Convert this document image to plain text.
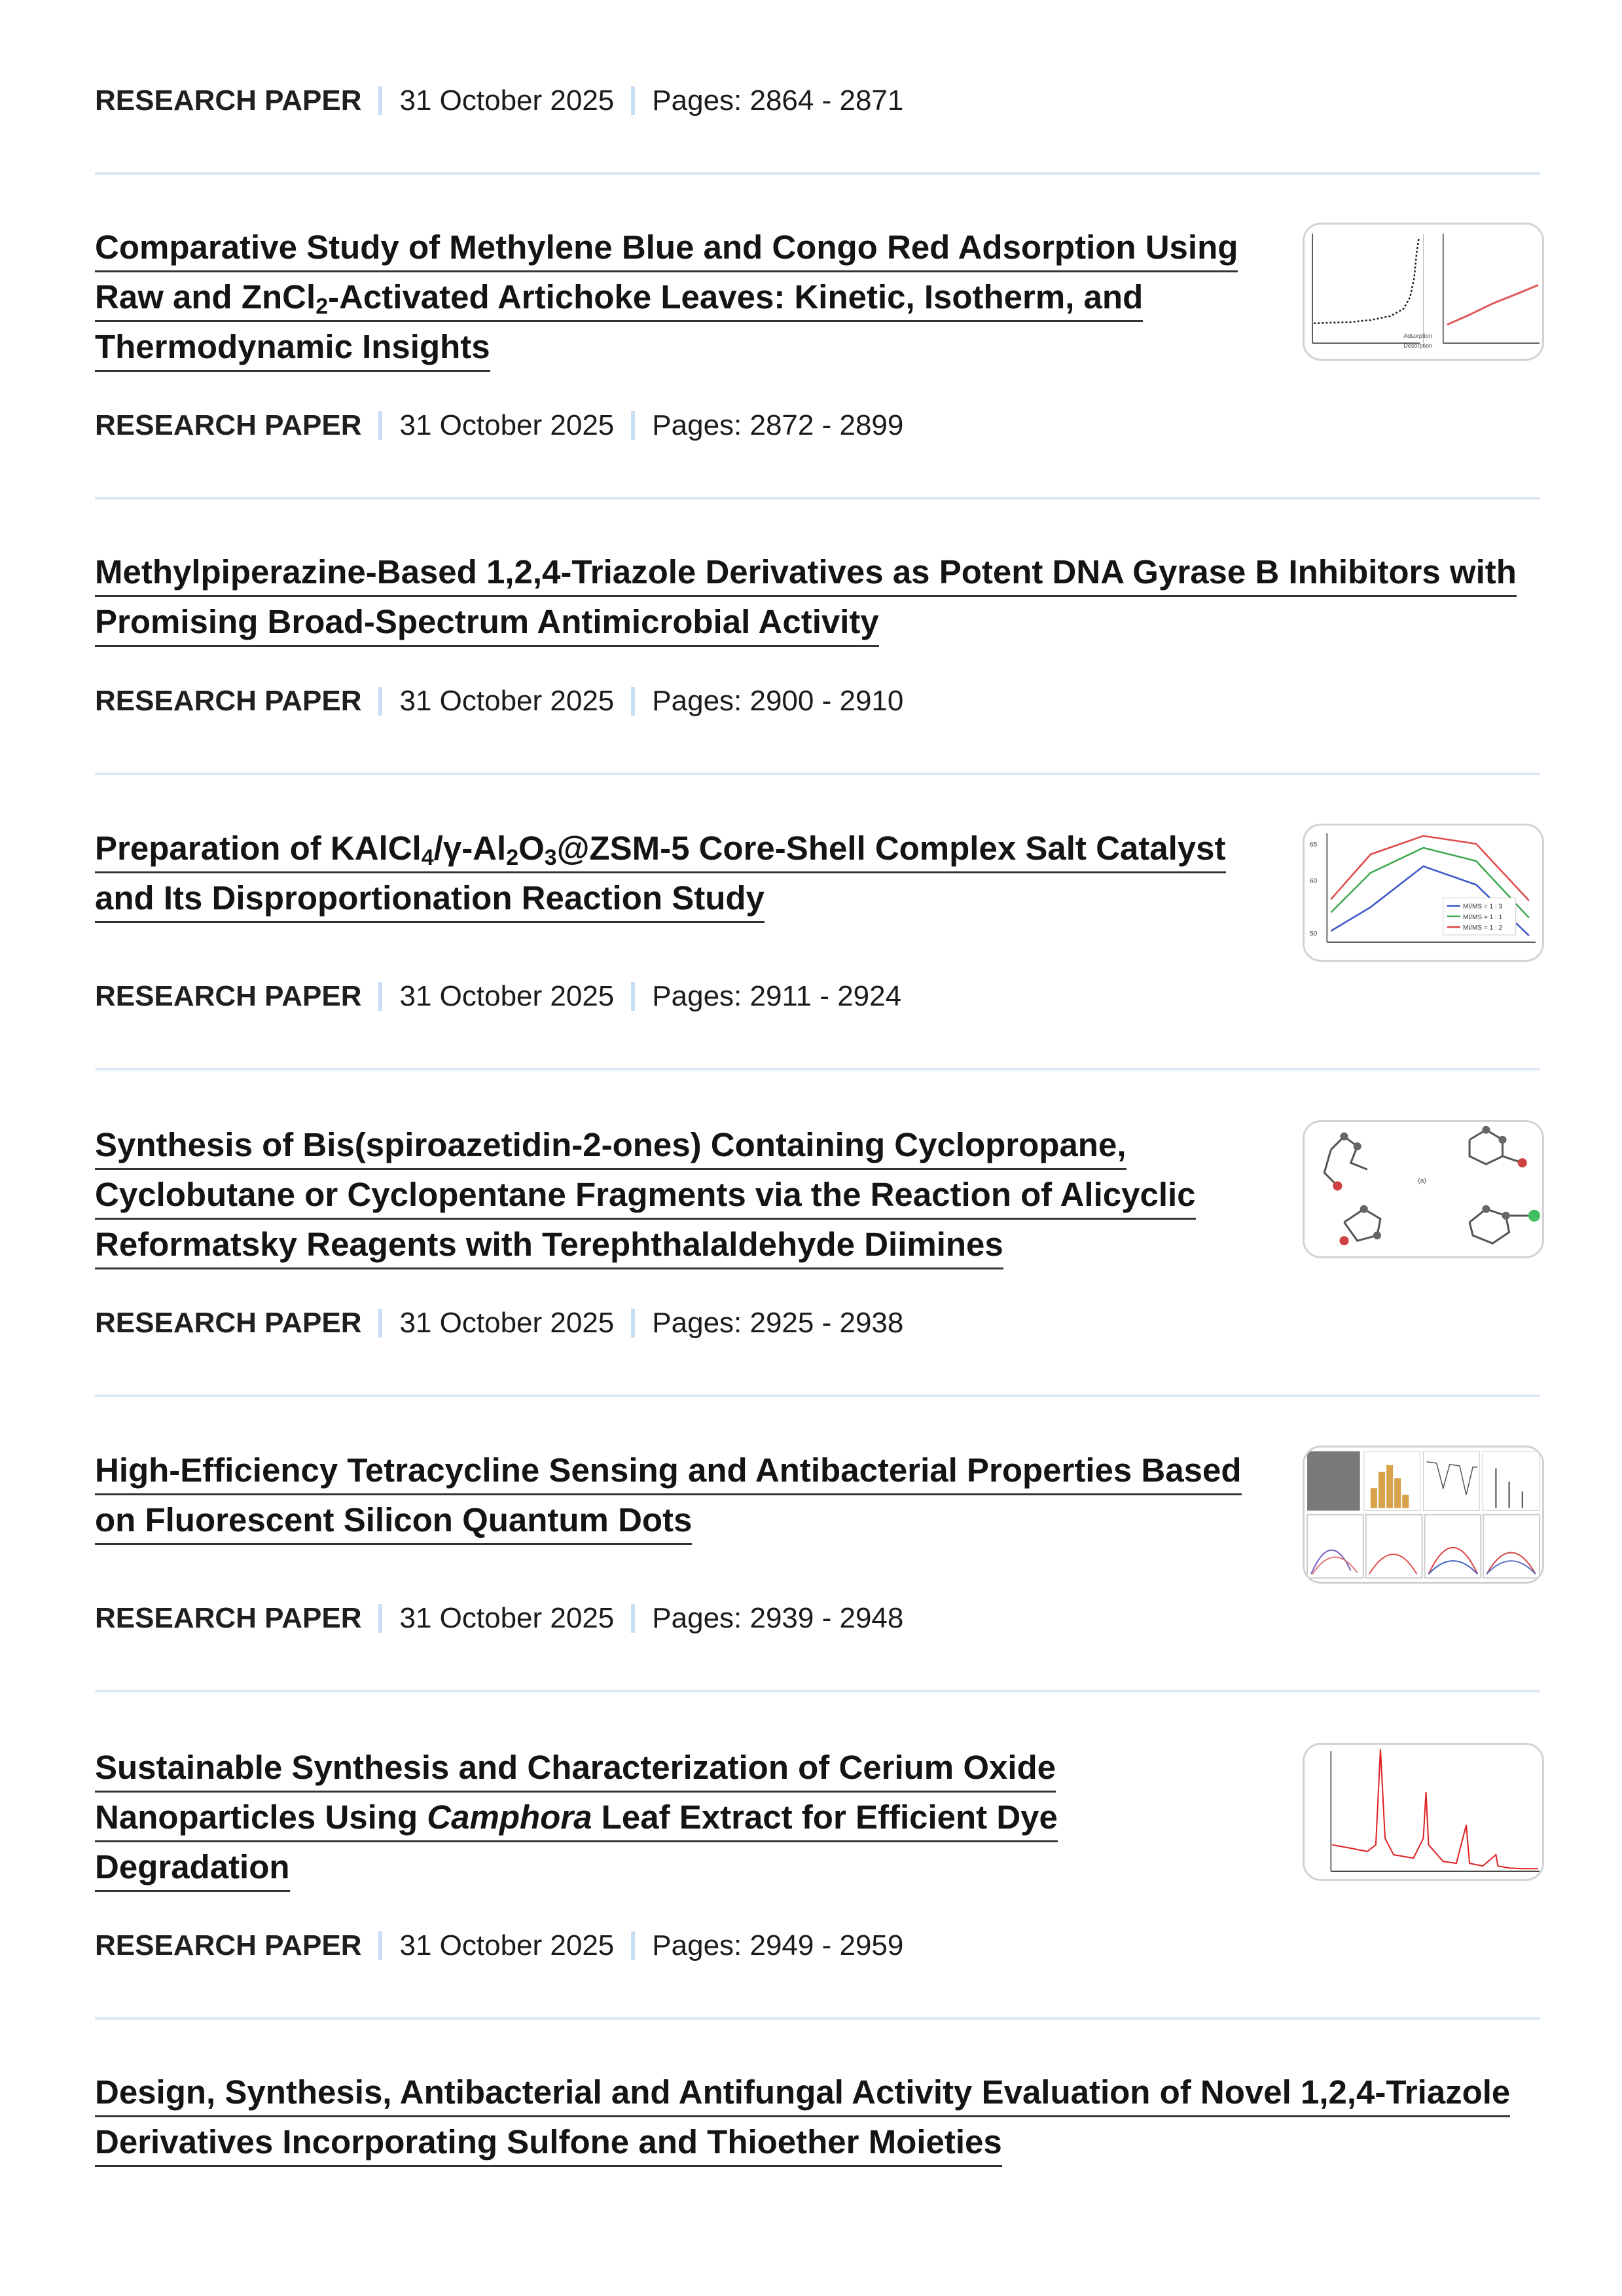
RESEARCH PAPER 31 October 2025 Pages: 2864 - 2871
Comparative Study of Methylene Blue and Congo Red Adsorption Using
Raw and ZnCl$_2$-Activated Artichoke Leaves: Kinetic, Isotherm, and
Thermodynamic Insights	Adsorption
Desorption
RESEARCH PAPER 31 October 2025 Pages: 2872 - 2899
Methylpiperazine-Based 1,2,4-Triazole Derivatives as Potent DNA Gyrase B Inhibitors with
Promising Broad-Spectrum Antimicrobial Activity
RESEARCH PAPER 31 October 2025 Pages: 2900 - 2910
Preparation of $KAlCl_4/\gamma-Al_2O_3@ZSM-5$ Core-Shell Complex Salt Catalyst
and Its Disproportionation Reaction Study
65
60
50
MI/MS = 1 : 3
MI/MS = 1 : 1
MI/MS = 1 : 2
RESEARCH PAPER 31 October 2025 Pages: 2911 - 2924
Synthesis of Bis(spiroazetidin-2-ones) Containing Cyclopropane,
Cyclobutane or Cyclopentane Fragments via the Reaction of Alicyclic
Reformatsky Reagents with Terephthalaldehyde Diimines
(a)
RESEARCH PAPER 31 October 2025 Pages: 2925 - 2938
High-Efficiency Tetracycline Sensing and Antibacterial Properties Based
on Fluorescent Silicon Quantum Dots
RESEARCH PAPER 31 October 2025 Pages: 2939 - 2948
Sustainable Synthesis and Characterization of Cerium Oxide
Nanoparticles Using Camphora Leaf Extract for Efficient Dye
Degradation
RESEARCH PAPER 31 October 2025 Pages: 2949 - 2959
Design, Synthesis, Antibacterial and Antifungal Activity Evaluation of Novel 1,2,4-Triazole
Derivatives Incorporating Sulfone and Thioether Moieties
